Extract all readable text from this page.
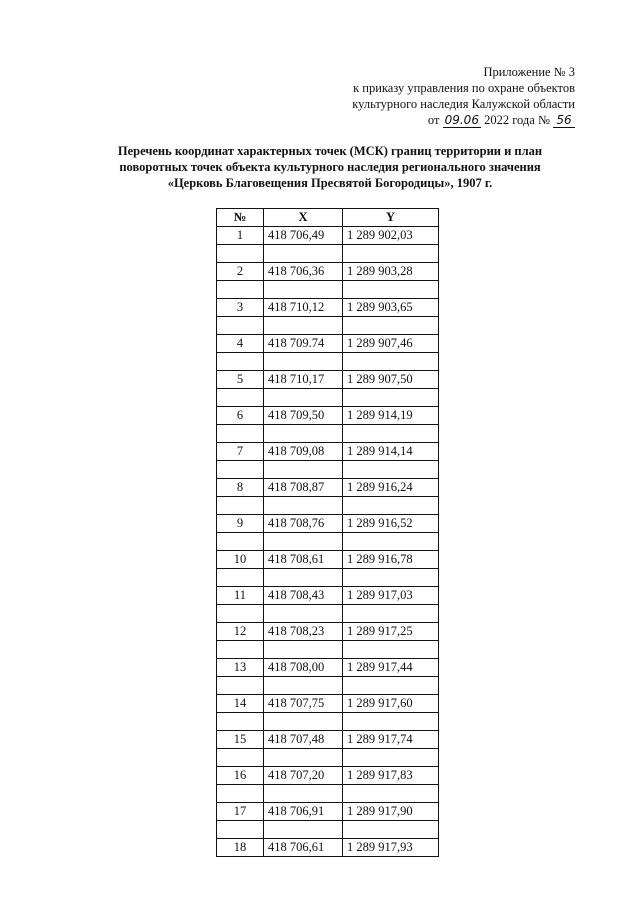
Приложение № 3
к приказу управления по охране объектов
культурного наследия Калужской области
от 09.06 2022 года № 56
Перечень координат характерных точек (МСК) границ территории и план
поворотных точек объекта культурного наследия регионального значения
«Церковь Благовещения Пресвятой Богородицы», 1907 г.
№	X	Y
1	418 706,49	1 289 902,03

2	418 706,36	1 289 903,28

3	418 710,12	1 289 903,65

4	418 709.74	1 289 907,46

5	418 710,17	1 289 907,50

6	418 709,50	1 289 914,19

7	418 709,08	1 289 914,14

8	418 708,87	1 289 916,24

9	418 708,76	1 289 916,52

10	418 708,61	1 289 916,78

11	418 708,43	1 289 917,03

12	418 708,23	1 289 917,25

13	418 708,00	1 289 917,44

14	418 707,75	1 289 917,60

15	418 707,48	1 289 917,74

16	418 707,20	1 289 917,83

17	418 706,91	1 289 917,90

18	418 706,61	1 289 917,93
